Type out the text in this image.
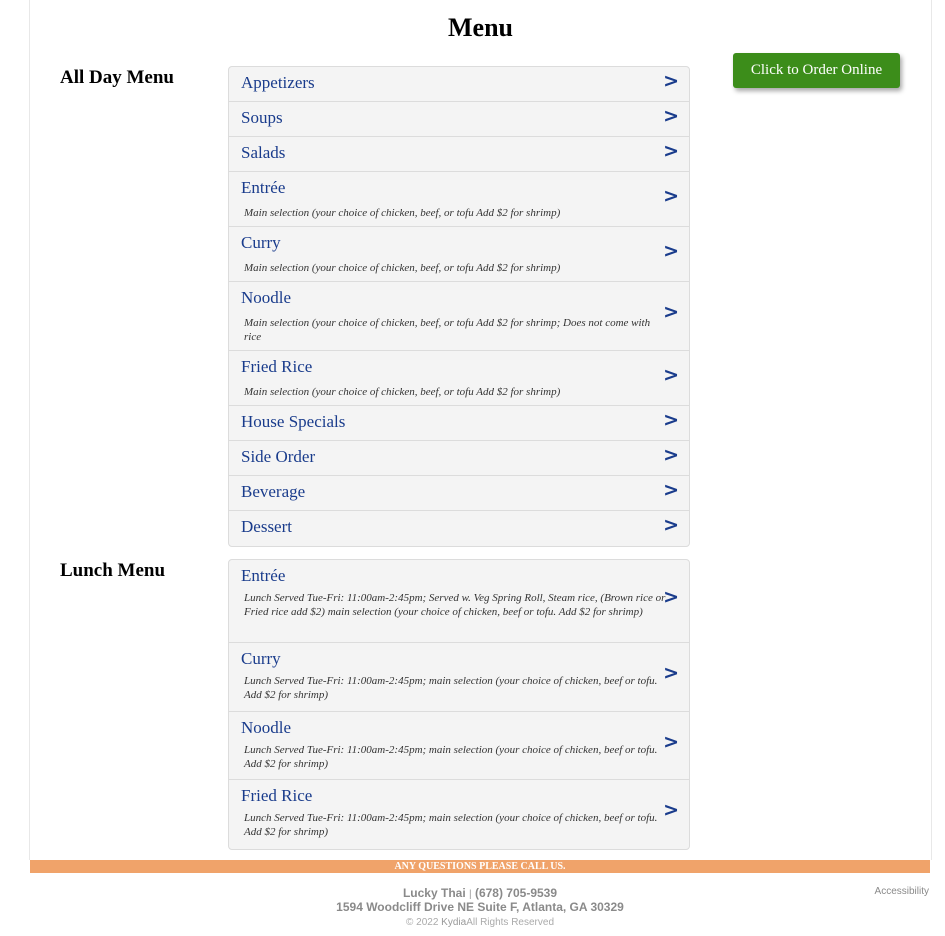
Menu
All Day Menu
Lunch Menu
Click to Order Online
Appetizers	>
Soups	>
Salads	>
Entrée
Main selection (your choice of chicken, beef, or tofu Add $2 for shrimp)
>
Curry
Main selection (your choice of chicken, beef, or tofu Add $2 for shrimp)
>
Noodle
Main selection (your choice of chicken, beef, or tofu Add $2 for shrimp; Does not come with rice
>
Fried Rice
Main selection (your choice of chicken, beef, or tofu Add $2 for shrimp)
>
House Specials	>
Side Order	>
Beverage	>
Dessert	>
Entrée
Lunch Served Tue-Fri: 11:00am-2:45pm; Served w. Veg Spring Roll, Steam rice, (Brown rice or Fried rice add $2) main selection (your choice of chicken, beef or tofu. Add $2 for shrimp)
>
Curry
Lunch Served Tue-Fri: 11:00am-2:45pm; main selection (your choice of chicken, beef or tofu. Add $2 for shrimp)
>
Noodle
Lunch Served Tue-Fri: 11:00am-2:45pm; main selection (your choice of chicken, beef or tofu. Add $2 for shrimp)
>
Fried Rice
Lunch Served Tue-Fri: 11:00am-2:45pm; main selection (your choice of chicken, beef or tofu. Add $2 for shrimp)
>
ANY QUESTIONS PLEASE CALL US.
Lucky Thai | (678) 705-9539
1594 Woodcliff Drive NE Suite F, Atlanta, GA 30329
© 2022 KydiaAll Rights Reserved
Accessibility
